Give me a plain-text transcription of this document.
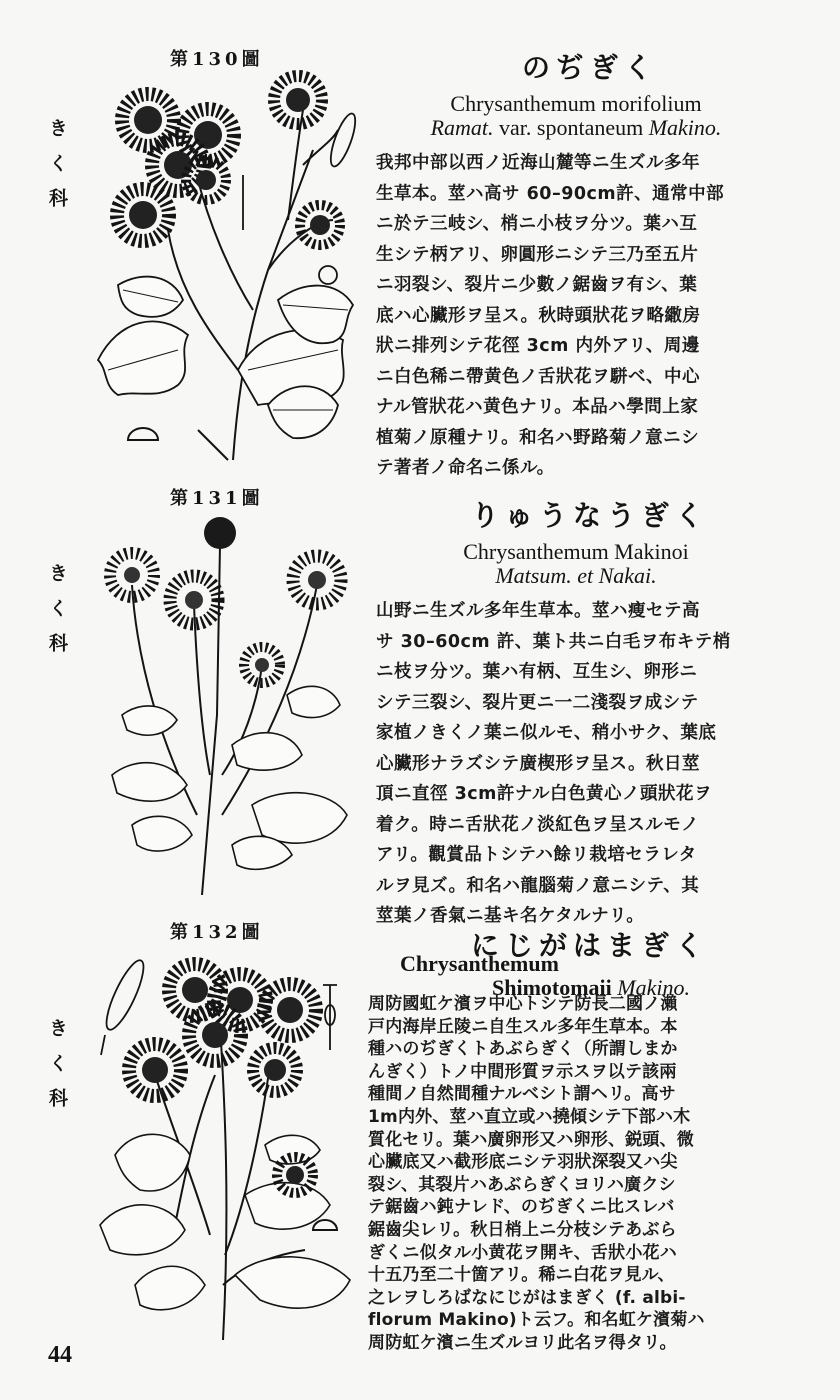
第130圖
きく科
のぢぎく
Chrysanthemum morifolium
Ramat. var. spontaneum Makino.
我邦中部以西ノ近海山麓等ニ生ズル多年
生草本。莖ハ高サ 60–90cm許、通常中部
ニ於テ三岐シ、梢ニ小枝ヲ分ツ。葉ハ互
生シテ柄アリ、卵圓形ニシテ三乃至五片
ニ羽裂シ、裂片ニ少數ノ鋸齒ヲ有シ、葉
底ハ心臟形ヲ呈ス。秋時頭狀花ヲ略繖房
狀ニ排列シテ花徑 3cm 内外アリ、周邊
ニ白色稀ニ帶黄色ノ舌狀花ヲ駢ベ、中心
ナル管狀花ハ黄色ナリ。本品ハ學問上家
植菊ノ原種ナリ。和名ハ野路菊ノ意ニシ
テ著者ノ命名ニ係ル。
第131圖
きく科
りゅうなうぎく
Chrysanthemum Makinoi
Matsum. et Nakai.
山野ニ生ズル多年生草本。莖ハ瘦セテ高
サ 30–60cm 許、葉ト共ニ白毛ヲ布キテ梢
ニ枝ヲ分ツ。葉ハ有柄、互生シ、卵形ニ
シテ三裂シ、裂片更ニ一二淺裂ヲ成シテ
家植ノきくノ葉ニ似ルモ、稍小サク、葉底
心臟形ナラズシテ廣楔形ヲ呈ス。秋日莖
頂ニ直徑 3cm許ナル白色黄心ノ頭狀花ヲ
着ク。時ニ舌狀花ノ淡紅色ヲ呈スルモノ
アリ。觀賞品トシテハ餘リ栽培セラレタ
ルヲ見ズ。和名ハ龍腦菊ノ意ニシテ、其
莖葉ノ香氣ニ基キ名ケタルナリ。
第132圖
きく科
にじがはまぎく
Chrysanthemum
Shimotomaii Makino.
周防國虹ケ濱ヲ中心トシテ防長二國ノ瀨
戸内海岸丘陵ニ自生スル多年生草本。本
種ハのぢぎくトあぶらぎく（所謂しまか
んぎく）トノ中間形質ヲ示スヲ以テ該兩
種間ノ自然間種ナルベシト謂ヘリ。高サ
1m内外、莖ハ直立或ハ撓傾シテ下部ハ木
質化セリ。葉ハ廣卵形又ハ卵形、鋭頭、微
心臟底又ハ截形底ニシテ羽狀深裂又ハ尖
裂シ、其裂片ハあぶらぎくヨリハ廣クシ
テ鋸齒ハ鈍ナレド、のぢぎくニ比スレバ
鋸齒尖レリ。秋日梢上ニ分枝シテあぶら
ぎくニ似タル小黄花ヲ開キ、舌狀小花ハ
十五乃至二十箇アリ。稀ニ白花ヲ見ル、
之レヲしろばなにじがはまぎく (f. albi-
florum Makino)ト云フ。和名虹ケ濱菊ハ
周防虹ケ濱ニ生ズルヨリ此名ヲ得タリ。
44
